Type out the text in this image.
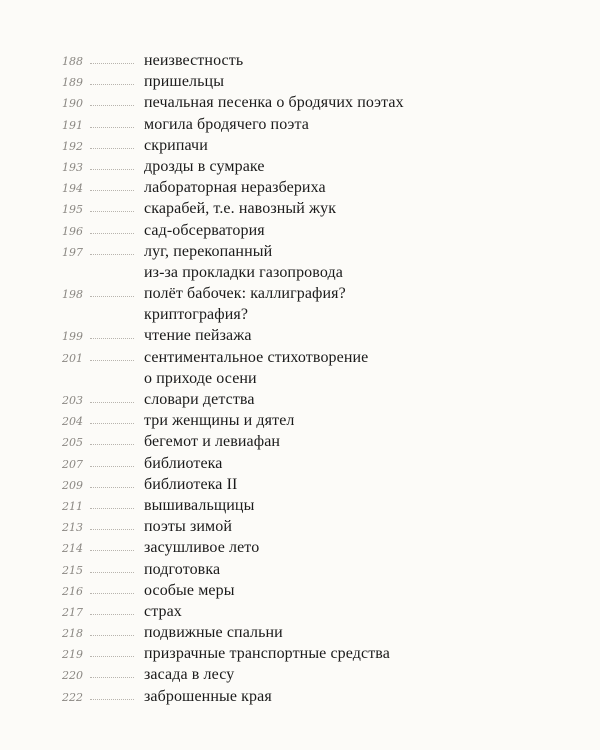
188	неизвестность
189	пришельцы
190	печальная песенка о бродячих поэтах
191	могила бродячего поэта
192	скрипачи
193	дрозды в сумраке
194	лабораторная неразбериха
195	скарабей, т.е. навозный жук
196	сад-обсерватория
197	луг, перекопанный
из-за прокладки газопровода
198	полёт бабочек: каллиграфия?
криптография?
199	чтение пейзажа
201	сентиментальное стихотворение
о приходе осени
203	словари детства
204	три женщины и дятел
205	бегемот и левиафан
207	библиотека
209	библиотека II
211	вышивальщицы
213	поэты зимой
214	засушливое лето
215	подготовка
216	особые меры
217	страх
218	подвижные спальни
219	призрачные транспортные средства
220	засада в лесу
222	заброшенные края
